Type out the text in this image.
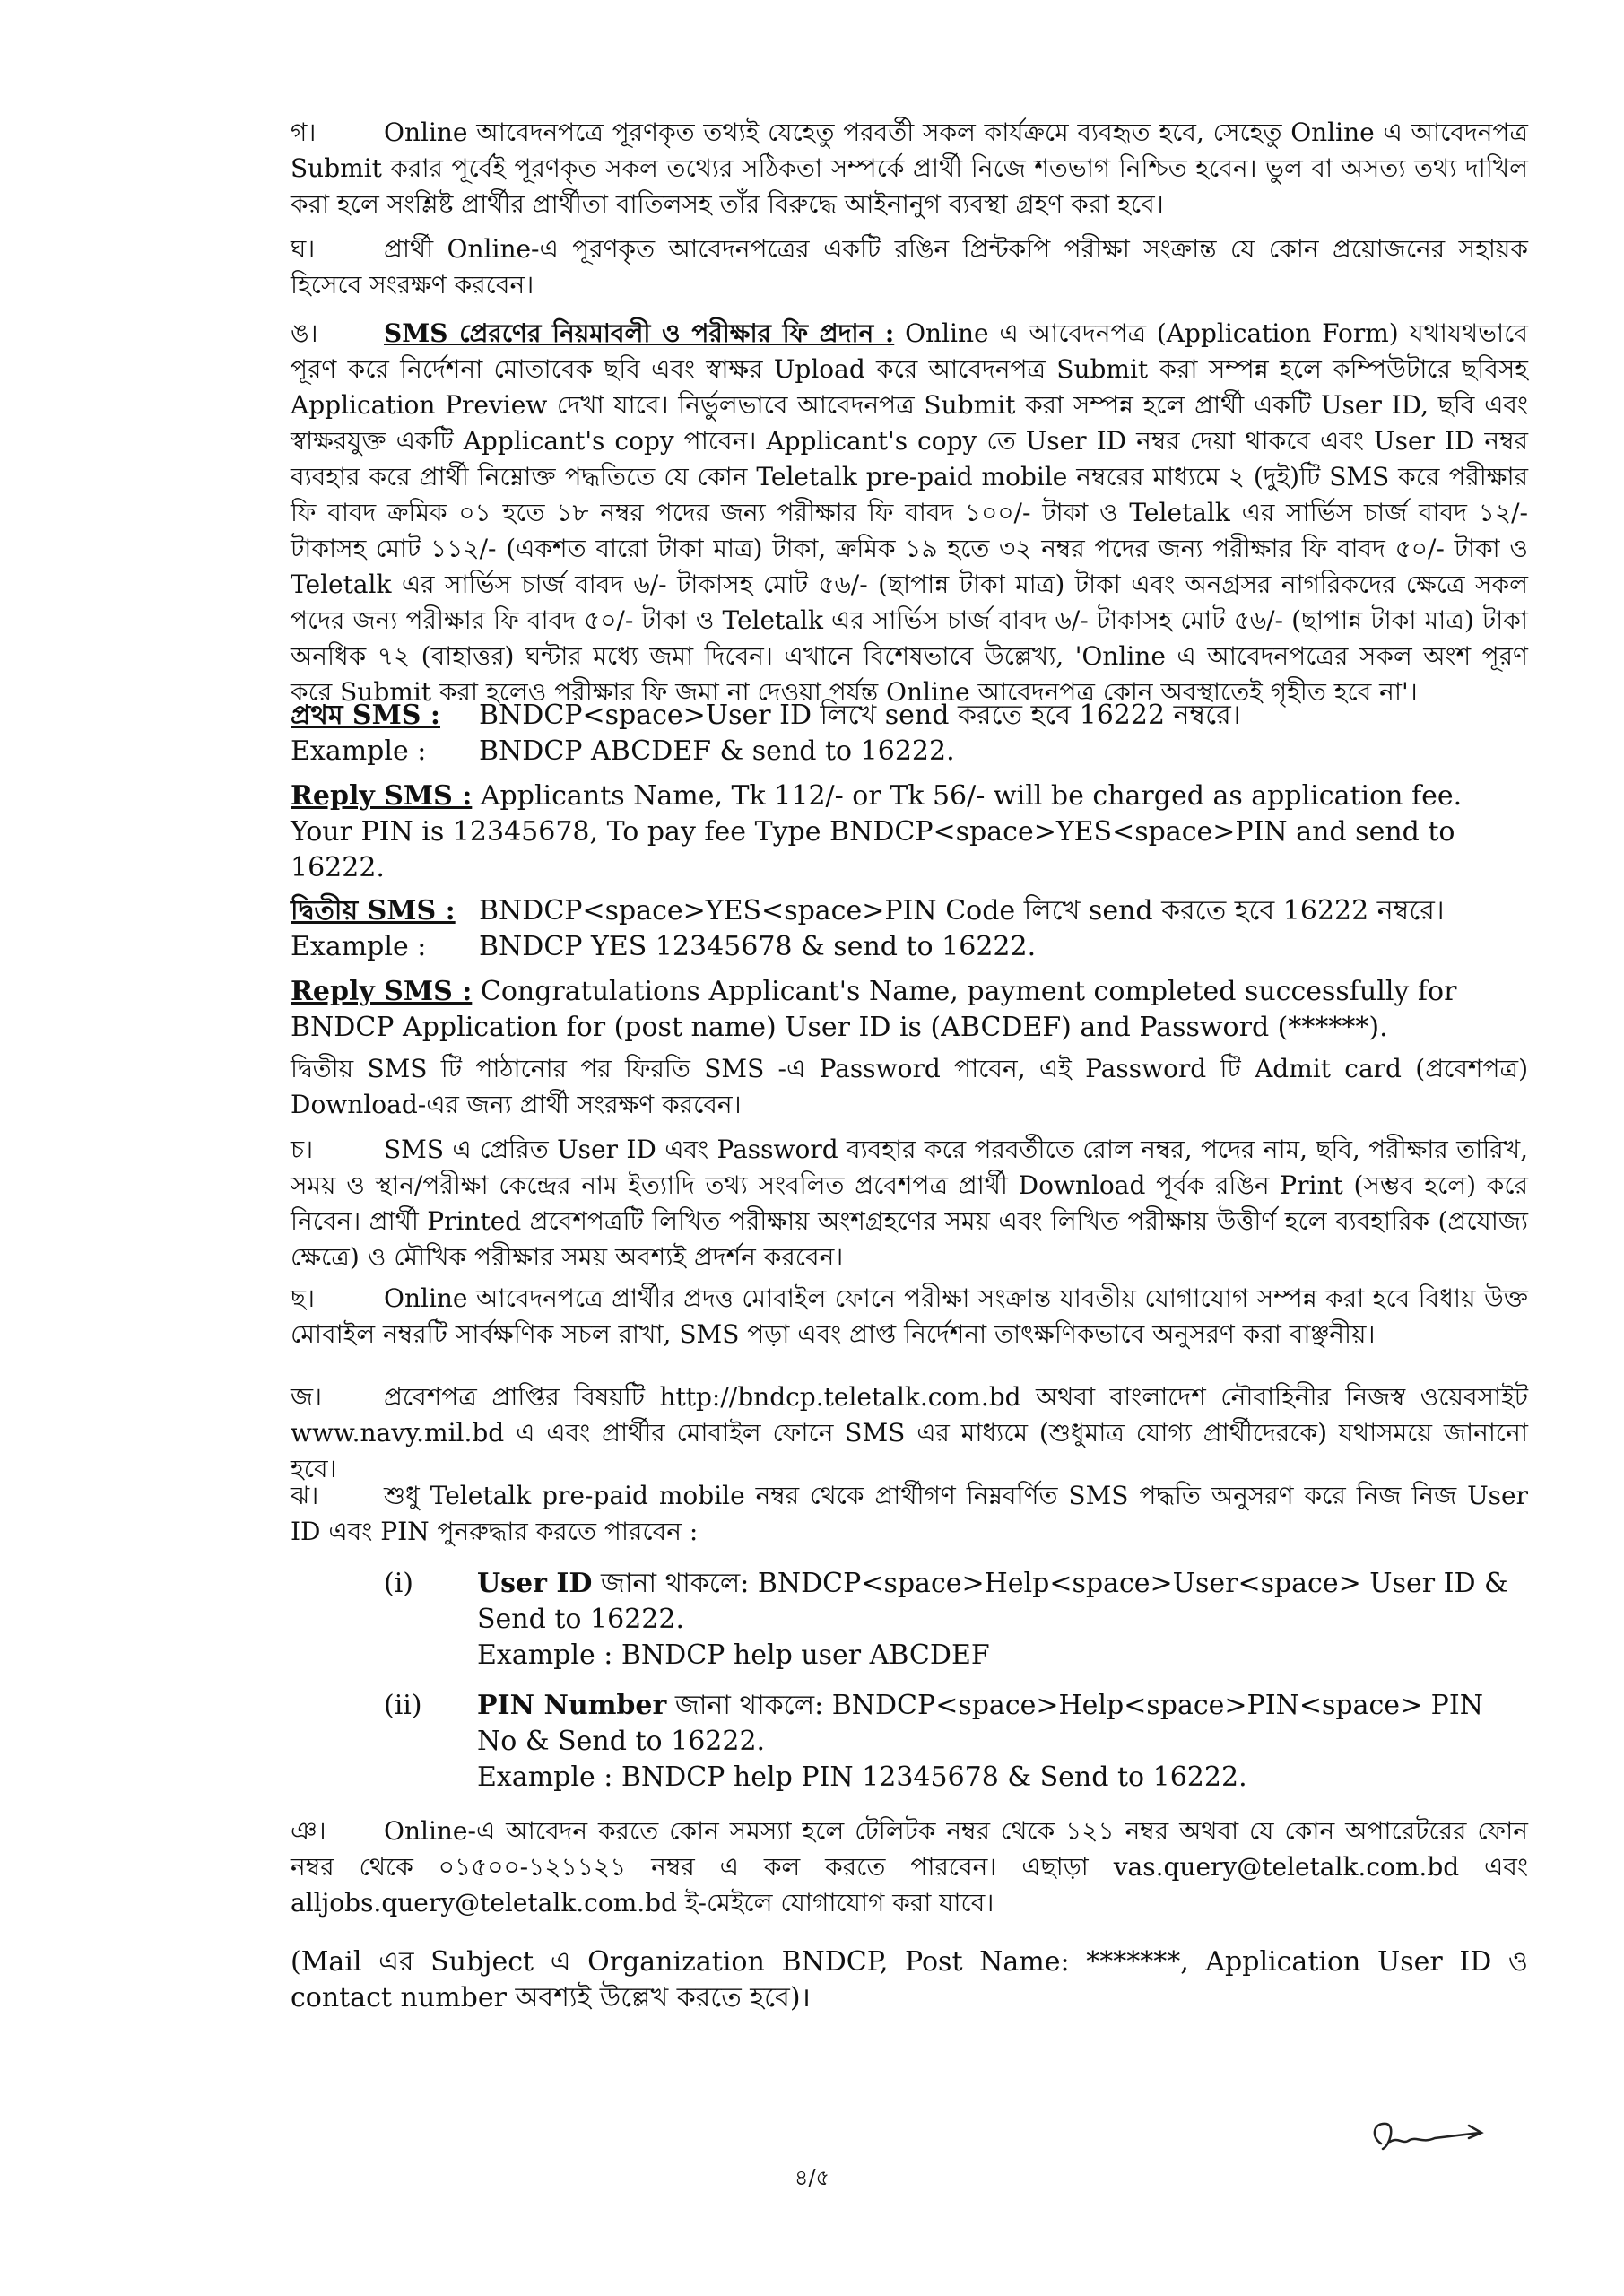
গ।	Online আবেদনপত্রে পূরণকৃত তথ্যই যেহেতু পরবর্তী সকল কার্যক্রমে ব্যবহৃত হবে, সেহেতু Online এ আবেদনপত্র Submit করার পূর্বেই পূরণকৃত সকল তথ্যের সঠিকতা সম্পর্কে প্রার্থী নিজে শতভাগ নিশ্চিত হবেন। ভুল বা অসত্য তথ্য দাখিল করা হলে সংশ্লিষ্ট প্রার্থীর প্রার্থীতা বাতিলসহ তাঁর বিরুদ্ধে আইনানুগ ব্যবস্থা গ্রহণ করা হবে।
ঘ।	প্রার্থী Online-এ পূরণকৃত আবেদনপত্রের একটি রঙিন প্রিন্টকপি পরীক্ষা সংক্রান্ত যে কোন প্রয়োজনের সহায়ক হিসেবে সংরক্ষণ করবেন।
ঙ।	SMS প্রেরণের নিয়মাবলী ও পরীক্ষার ফি প্রদান : Online এ আবেদনপত্র (Application Form) যথাযথভাবে পূরণ করে নির্দেশনা মোতাবেক ছবি এবং স্বাক্ষর Upload করে আবেদনপত্র Submit করা সম্পন্ন হলে কম্পিউটারে ছবিসহ Application Preview দেখা যাবে। নির্ভুলভাবে আবেদনপত্র Submit করা সম্পন্ন হলে প্রার্থী একটি User ID, ছবি এবং স্বাক্ষরযুক্ত একটি Applicant's copy পাবেন। Applicant's copy তে User ID নম্বর দেয়া থাকবে এবং User ID নম্বর ব্যবহার করে প্রার্থী নিম্নোক্ত পদ্ধতিতে যে কোন Teletalk pre-paid mobile নম্বরের মাধ্যমে ২ (দুই)টি SMS করে পরীক্ষার ফি বাবদ ক্রমিক ০১ হতে ১৮ নম্বর পদের জন্য পরীক্ষার ফি বাবদ ১০০/- টাকা ও Teletalk এর সার্ভিস চার্জ বাবদ ১২/- টাকাসহ মোট ১১২/- (একশত বারো টাকা মাত্র) টাকা, ক্রমিক ১৯ হতে ৩২ নম্বর পদের জন্য পরীক্ষার ফি বাবদ ৫০/- টাকা ও Teletalk এর সার্ভিস চার্জ বাবদ ৬/- টাকাসহ মোট ৫৬/- (ছাপান্ন টাকা মাত্র) টাকা এবং অনগ্রসর নাগরিকদের ক্ষেত্রে সকল পদের জন্য পরীক্ষার ফি বাবদ ৫০/- টাকা ও Teletalk এর সার্ভিস চার্জ বাবদ ৬/- টাকাসহ মোট ৫৬/- (ছাপান্ন টাকা মাত্র) টাকা অনধিক ৭২ (বাহাত্তর) ঘন্টার মধ্যে জমা দিবেন। এখানে বিশেষভাবে উল্লেখ্য, 'Online এ আবেদনপত্রের সকল অংশ পূরণ করে Submit করা হলেও পরীক্ষার ফি জমা না দেওয়া পর্যন্ত Online আবেদনপত্র কোন অবস্থাতেই গৃহীত হবে না'।
প্রথম SMS :	BNDCP<space>User ID লিখে send করতে হবে 16222 নম্বরে।
Example :	BNDCP ABCDEF & send to 16222.
Reply SMS : Applicants Name, Tk 112/- or Tk 56/- will be charged as application fee. Your PIN is 12345678, To pay fee Type BNDCP<space>YES<space>PIN and send to 16222.
দ্বিতীয় SMS : BNDCP<space>YES<space>PIN Code লিখে send করতে হবে 16222 নম্বরে।
Example :	BNDCP YES 12345678 & send to 16222.
Reply SMS : Congratulations Applicant's Name, payment completed successfully for BNDCP Application for (post name) User ID is (ABCDEF) and Password (******).
দ্বিতীয় SMS টি পাঠানোর পর ফিরতি SMS -এ Password পাবেন, এই Password টি Admit card (প্রবেশপত্র) Download-এর জন্য প্রার্থী সংরক্ষণ করবেন।
চ।	SMS এ প্রেরিত User ID এবং Password ব্যবহার করে পরবর্তীতে রোল নম্বর, পদের নাম, ছবি, পরীক্ষার তারিখ, সময় ও স্থান/পরীক্ষা কেন্দ্রের নাম ইত্যাদি তথ্য সংবলিত প্রবেশপত্র প্রার্থী Download পূর্বক রঙিন Print (সম্ভব হলে) করে নিবেন। প্রার্থী Printed প্রবেশপত্রটি লিখিত পরীক্ষায় অংশগ্রহণের সময় এবং লিখিত পরীক্ষায় উত্তীর্ণ হলে ব্যবহারিক (প্রযোজ্য ক্ষেত্রে) ও মৌখিক পরীক্ষার সময় অবশ্যই প্রদর্শন করবেন।
ছ।	Online আবেদনপত্রে প্রার্থীর প্রদত্ত মোবাইল ফোনে পরীক্ষা সংক্রান্ত যাবতীয় যোগাযোগ সম্পন্ন করা হবে বিধায় উক্ত মোবাইল নম্বরটি সার্বক্ষণিক সচল রাখা, SMS পড়া এবং প্রাপ্ত নির্দেশনা তাৎক্ষণিকভাবে অনুসরণ করা বাঞ্ছনীয়।
জ।	প্রবেশপত্র প্রাপ্তির বিষয়টি http://bndcp.teletalk.com.bd অথবা বাংলাদেশ নৌবাহিনীর নিজস্ব ওয়েবসাইট www.navy.mil.bd এ এবং প্রার্থীর মোবাইল ফোনে SMS এর মাধ্যমে (শুধুমাত্র যোগ্য প্রার্থীদেরকে) যথাসময়ে জানানো হবে।
ঝ।	শুধু Teletalk pre-paid mobile নম্বর থেকে প্রার্থীগণ নিম্নবর্ণিত SMS পদ্ধতি অনুসরণ করে নিজ নিজ User ID এবং PIN পুনরুদ্ধার করতে পারবেন :
(i) User ID জানা থাকলে: BNDCP<space>Help<space>User<space> User ID & Send to 16222.
Example : BNDCP help user ABCDEF
(ii) PIN Number জানা থাকলে: BNDCP<space>Help<space>PIN<space> PIN No & Send to 16222.
Example : BNDCP help PIN 12345678 & Send to 16222.
ঞ।	Online-এ আবেদন করতে কোন সমস্যা হলে টেলিটক নম্বর থেকে ১২১ নম্বর অথবা যে কোন অপারেটরের ফোন নম্বর থেকে ০১৫০০-১২১১২১ নম্বর এ কল করতে পারবেন। এছাড়া vas.query@teletalk.com.bd এবং alljobs.query@teletalk.com.bd ই-মেইলে যোগাযোগ করা যাবে।
(Mail এর Subject এ Organization BNDCP, Post Name: *******, Application User ID ও contact number অবশ্যই উল্লেখ করতে হবে)।
৪/৫
